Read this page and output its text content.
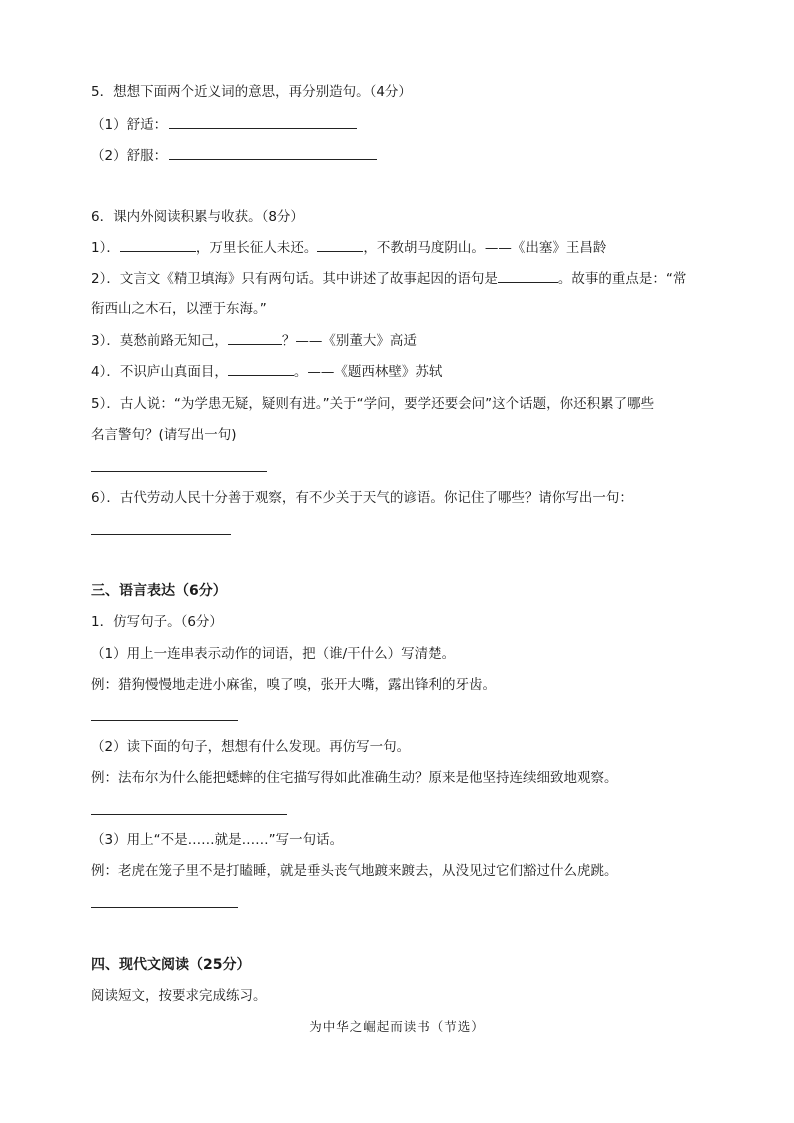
5．想想下面两个近义词的意思，再分别造句。（4分）
（1）舒适：
（2）舒服：
6．课内外阅读积累与收获。（8分）
1）．	，万里长征人未还。	，不教胡马度阴山。——《出塞》王昌龄
2）．文言文《精卫填海》只有两句话。其中讲述了故事起因的语句是	。故事的重点是：“常
衔西山之木石，以湮于东海。”
3）．莫愁前路无知己，	？——《别董大》高适
4）．不识庐山真面目，	。——《题西林壁》苏轼
5）．古人说：“为学患无疑，疑则有进。”关于“学问，要学还要会问”这个话题，你还积累了哪些
名言警句？(请写出一句)
6）．古代劳动人民十分善于观察，有不少关于天气的谚语。你记住了哪些？请你写出一句：
三、语言表达（6分）
1．仿写句子。（6分）
（1）用上一连串表示动作的词语，把（谁/干什么）写清楚。
例：猎狗慢慢地走进小麻雀，嗅了嗅，张开大嘴，露出锋利的牙齿。
（2）读下面的句子，想想有什么发现。再仿写一句。
例：法布尔为什么能把蟋蟀的住宅描写得如此准确生动？原来是他坚持连续细致地观察。
（3）用上“不是……就是……”写一句话。
例：老虎在笼子里不是打瞌睡，就是垂头丧气地踱来踱去，从没见过它们豁过什么虎跳。
四、现代文阅读（25分）
阅读短文，按要求完成练习。
为中华之崛起而读书（节选）
